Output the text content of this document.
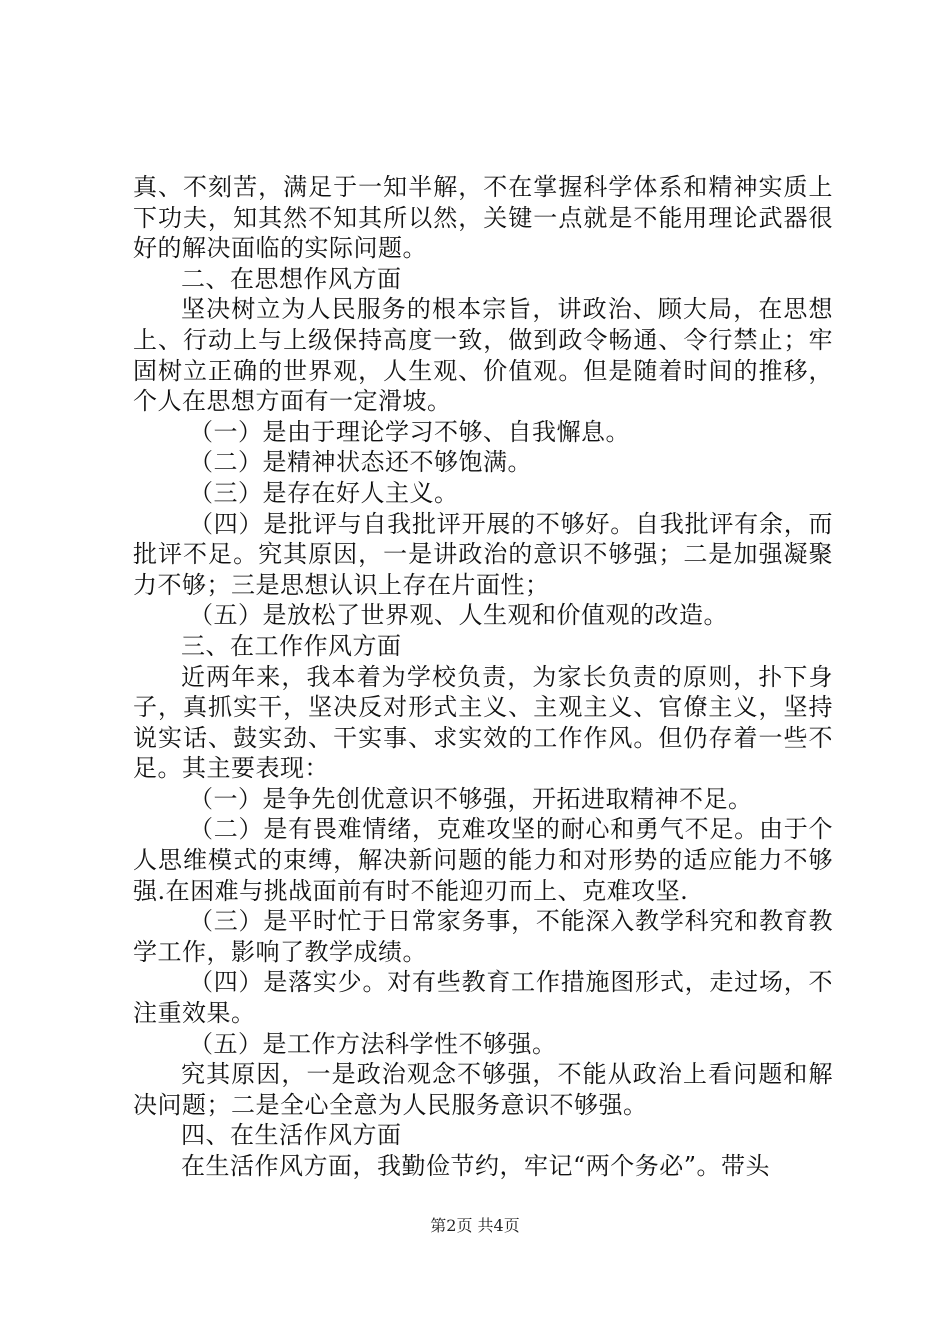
真、不刻苦，满足于一知半解，不在掌握科学体系和精神实质上下功夫，知其然不知其所以然，关键一点就是不能用理论武器很好的解决面临的实际问题。

二、在思想作风方面

坚决树立为人民服务的根本宗旨，讲政治、顾大局，在思想上、行动上与上级保持高度一致，做到政令畅通、令行禁止；牢固树立正确的世界观，人生观、价值观。但是随着时间的推移，个人在思想方面有一定滑坡。

（一）是由于理论学习不够、自我懈息。

（二）是精神状态还不够饱满。

（三）是存在好人主义。

（四）是批评与自我批评开展的不够好。自我批评有余，而批评不足。究其原因，一是讲政治的意识不够强；二是加强凝聚力不够；三是思想认识上存在片面性；

（五）是放松了世界观、人生观和价值观的改造。

三、在工作作风方面

近两年来，我本着为学校负责，为家长负责的原则，扑下身子，真抓实干，坚决反对形式主义、主观主义、官僚主义，坚持说实话、鼓实劲、干实事、求实效的工作作风。但仍存着一些不足。其主要表现：

（一）是争先创优意识不够强，开拓进取精神不足。

（二）是有畏难情绪，克难攻坚的耐心和勇气不足。由于个人思维模式的束缚，解决新问题的能力和对形势的适应能力不够强.在困难与挑战面前有时不能迎刃而上、克难攻坚.

（三）是平时忙于日常家务事，不能深入教学科究和教育教学工作，影响了教学成绩。

（四）是落实少。对有些教育工作措施图形式，走过场，不注重效果。

（五）是工作方法科学性不够强。

究其原因，一是政治观念不够强，不能从政治上看问题和解决问题；二是全心全意为人民服务意识不够强。

四、在生活作风方面

在生活作风方面，我勤俭节约，牢记“两个务必”。带头

第2页 共4页
